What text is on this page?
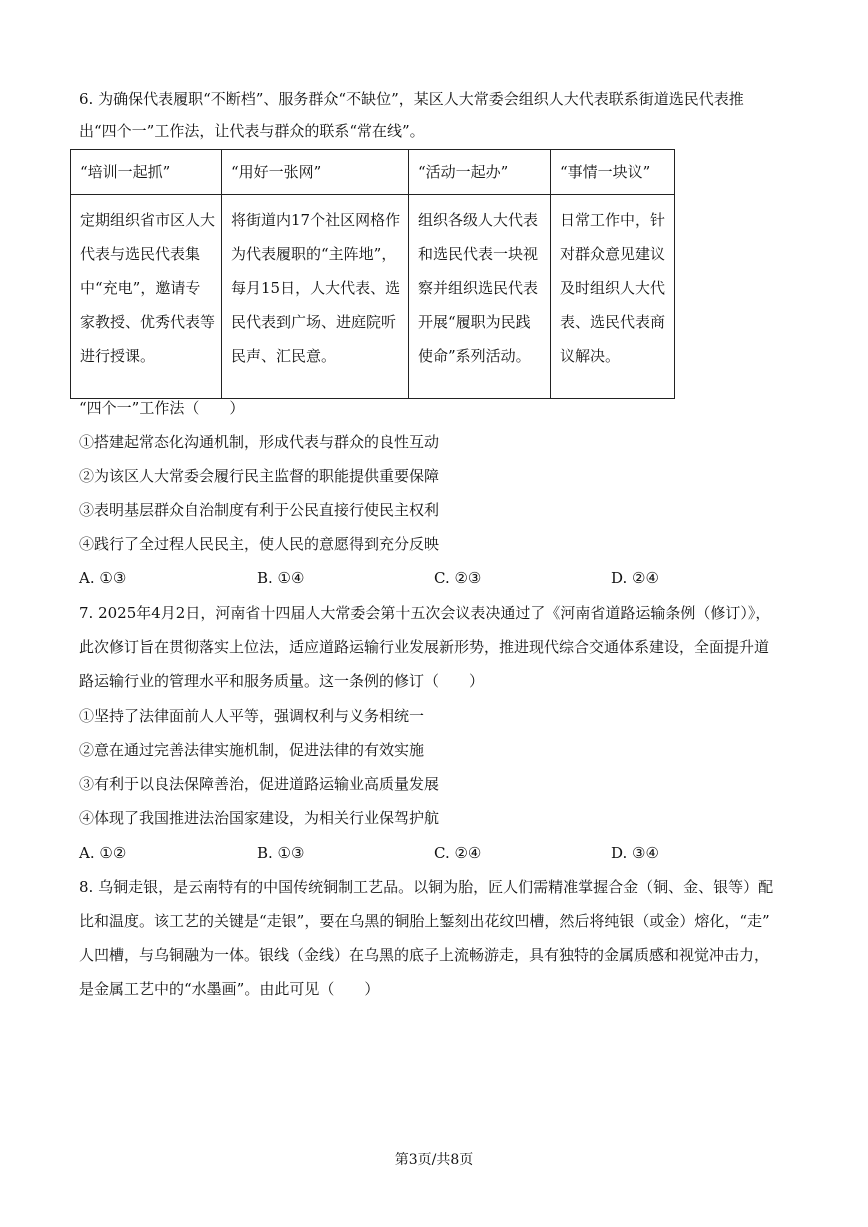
6. 为确保代表履职“不断档”、服务群众“不缺位”，某区人大常委会组织人大代表联系街道选民代表推
出“四个一”工作法，让代表与群众的联系“常在线”。
“培训一起抓”	“用好一张网”	“活动一起办”	“事情一块议”
定期组织省市区人大代表与选民代表集中“充电”，邀请专家教授、优秀代表等进行授课。	将街道内17个社区网格作为代表履职的“主阵地”，每月15日，人大代表、选民代表到广场、进庭院听民声、汇民意。	组织各级人大代表和选民代表一块视察并组织选民代表开展“履职为民践使命”系列活动。	日常工作中，针对群众意见建议及时组织人大代表、选民代表商议解决。
“四个一”工作法（　　）
①搭建起常态化沟通机制，形成代表与群众的良性互动
②为该区人大常委会履行民主监督的职能提供重要保障
③表明基层群众自治制度有利于公民直接行使民主权利
④践行了全过程人民民主，使人民的意愿得到充分反映
A. ①③	B. ①④	C. ②③	D. ②④
7. 2025年4月2日，河南省十四届人大常委会第十五次会议表决通过了《河南省道路运输条例（修订）》，
此次修订旨在贯彻落实上位法，适应道路运输行业发展新形势，推进现代综合交通体系建设，全面提升道
路运输行业的管理水平和服务质量。这一条例的修订（　　）
①坚持了法律面前人人平等，强调权利与义务相统一
②意在通过完善法律实施机制，促进法律的有效实施
③有利于以良法保障善治，促进道路运输业高质量发展
④体现了我国推进法治国家建设，为相关行业保驾护航
A. ①②	B. ①③	C. ②④	D. ③④
8. 乌铜走银，是云南特有的中国传统铜制工艺品。以铜为胎，匠人们需精准掌握合金（铜、金、银等）配
比和温度。该工艺的关键是“走银”，要在乌黑的铜胎上錾刻出花纹凹槽，然后将纯银（或金）熔化，“走”
人凹槽，与乌铜融为一体。银线（金线）在乌黑的底子上流畅游走，具有独特的金属质感和视觉冲击力，
是金属工艺中的“水墨画”。由此可见（　　）
第3页/共8页
